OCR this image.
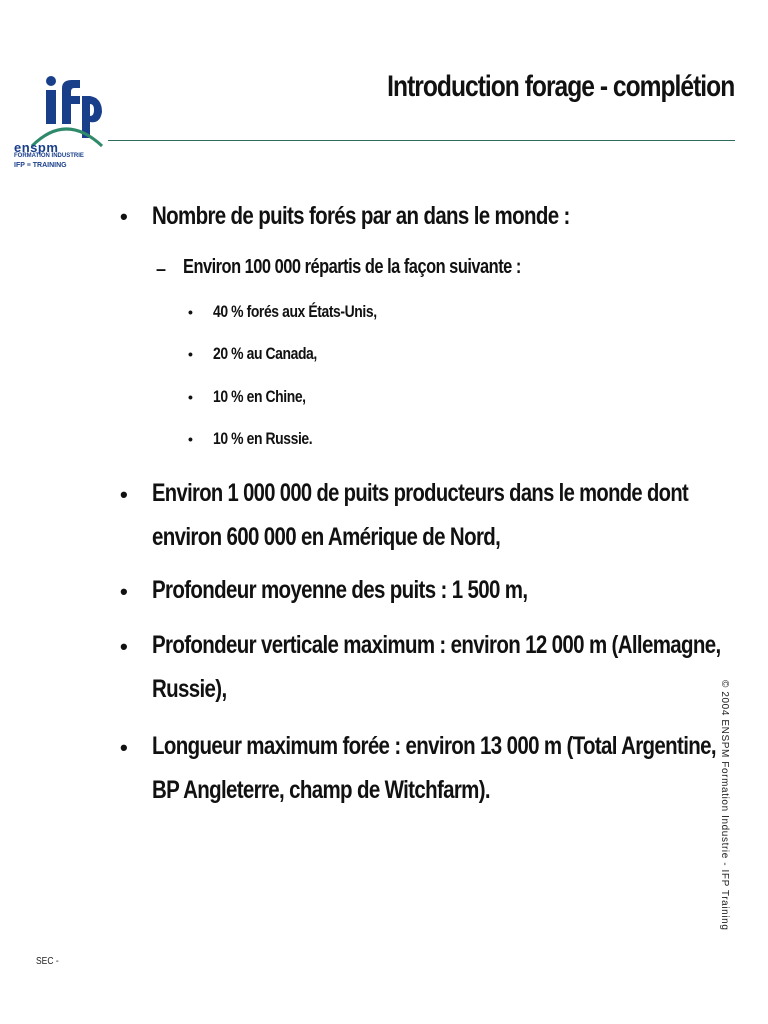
enspm
FORMATION INDUSTRIE
IFP ≡ TRAINING
Introduction forage - complétion
• Nombre de puits forés par an dans le monde :
– Environ 100 000 répartis de la façon suivante :
• 40 % forés aux États-Unis,
• 20 % au Canada,
• 10 % en Chine,
• 10 % en Russie.
• Environ 1 000 000 de puits producteurs dans le monde dont
environ 600 000 en Amérique de Nord,
• Profondeur moyenne des puits : 1 500 m,
• Profondeur verticale maximum : environ 12 000 m (Allemagne,
Russie),
• Longueur maximum forée : environ 13 000 m (Total Argentine,
BP Angleterre, champ de Witchfarm).	© 2004 ENSPM Formation Industrie - IFP Training
SEC -
